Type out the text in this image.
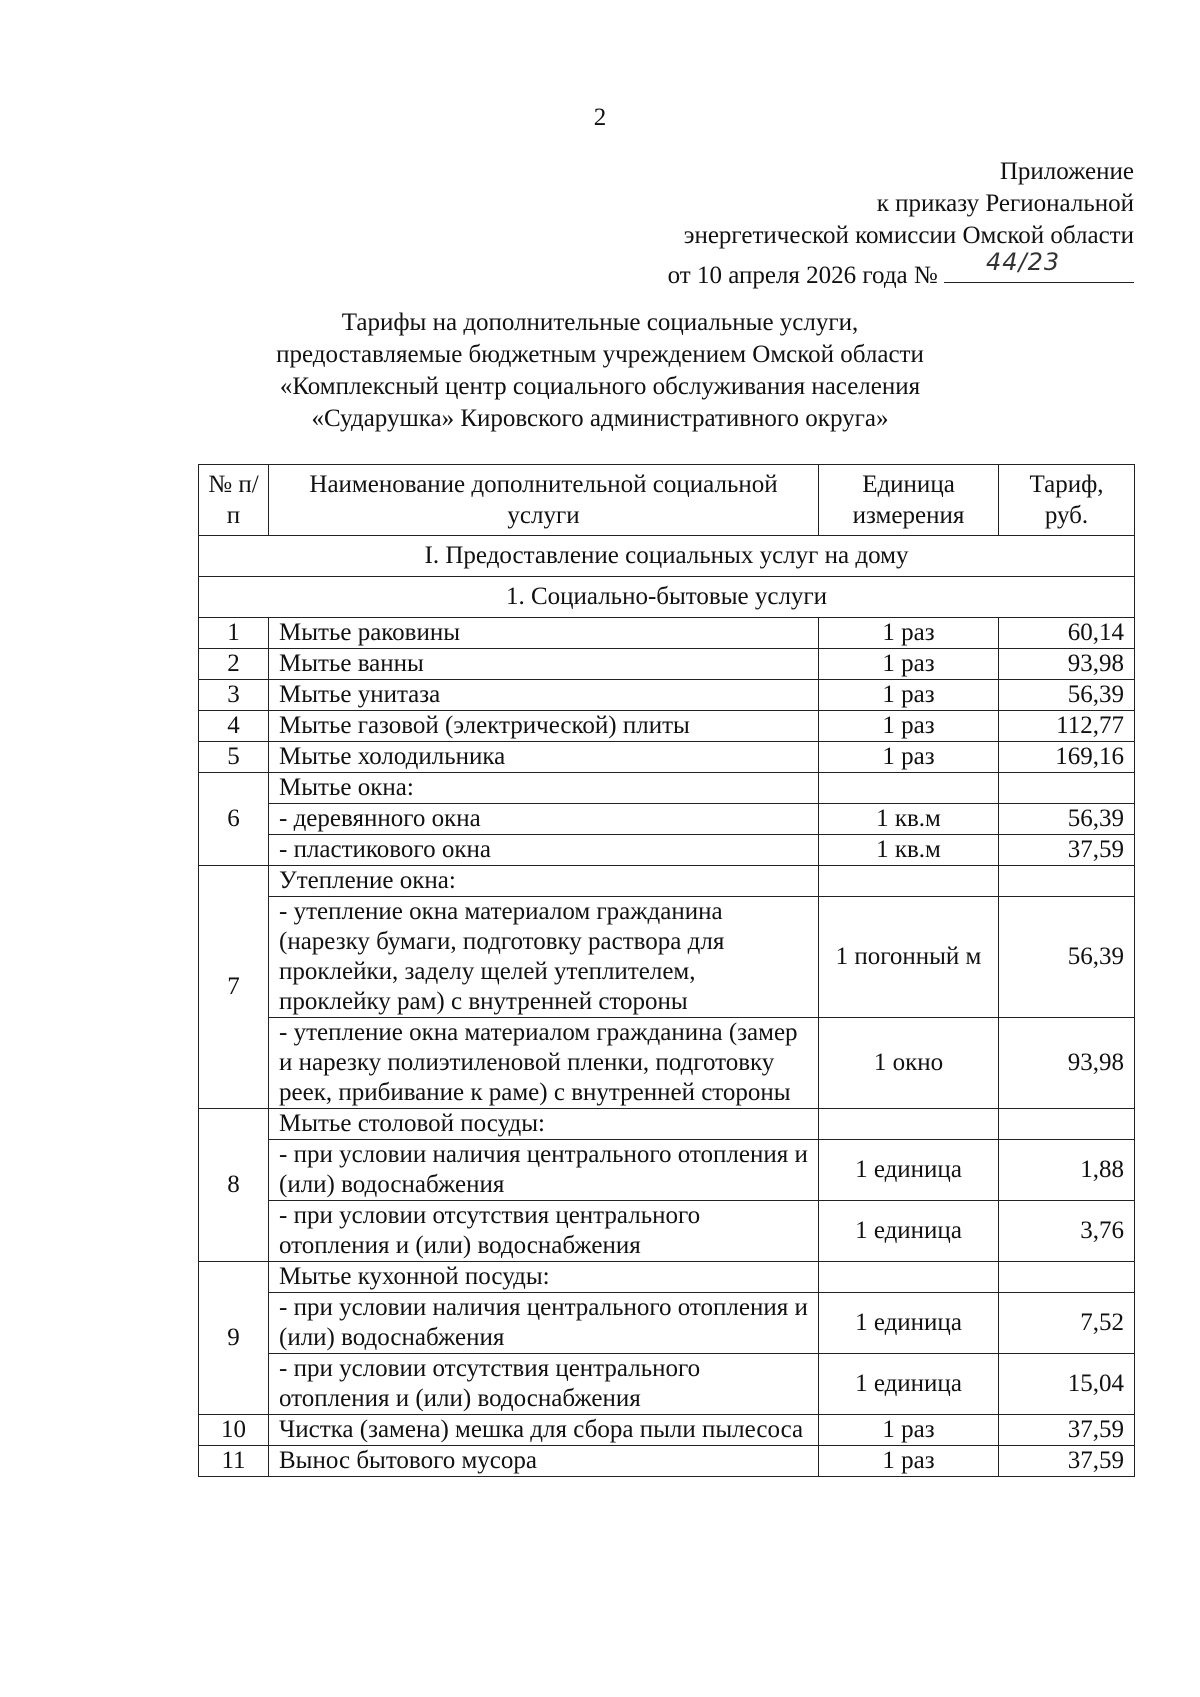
2
Приложение
к приказу Региональной
энергетической комиссии Омской области
от 10 апреля 2026 года № 44/23
Тарифы на дополнительные социальные услуги,
предоставляемые бюджетным учреждением Омской области
«Комплексный центр социального обслуживания населения
«Сударушка» Кировского административного округа»
№ п/п	Наименование дополнительной социальной услуги	Единица измерения	Тариф, руб.
I. Предоставление социальных услуг на дому			
1. Социально-бытовые услуги			
1	Мытье раковины	1 раз	60,14
2	Мытье ванны	1 раз	93,98
3	Мытье унитаза	1 раз	56,39
4	Мытье газовой (электрической) плиты	1 раз	112,77
5	Мытье холодильника	1 раз	169,16
6	Мытье окна:		
	- деревянного окна	1 кв.м	56,39
	- пластикового окна	1 кв.м	37,59
7	Утепление окна:		
	- утепление окна материалом гражданина (нарезку бумаги, подготовку раствора для проклейки, заделу щелей утеплителем, проклейку рам) с внутренней стороны	1 погонный м	56,39
	- утепление окна материалом гражданина (замер и нарезку полиэтиленовой пленки, подготовку реек, прибивание к раме) с внутренней стороны	1 окно	93,98
8	Мытье столовой посуды:		
	- при условии наличия центрального отопления и (или) водоснабжения	1 единица	1,88
	- при условии отсутствия центрального отопления и (или) водоснабжения	1 единица	3,76
9	Мытье кухонной посуды:		
	- при условии наличия центрального отопления и (или) водоснабжения	1 единица	7,52
	- при условии отсутствия центрального отопления и (или) водоснабжения	1 единица	15,04
10	Чистка (замена) мешка для сбора пыли пылесоса	1 раз	37,59
11	Вынос бытового мусора	1 раз	37,59
